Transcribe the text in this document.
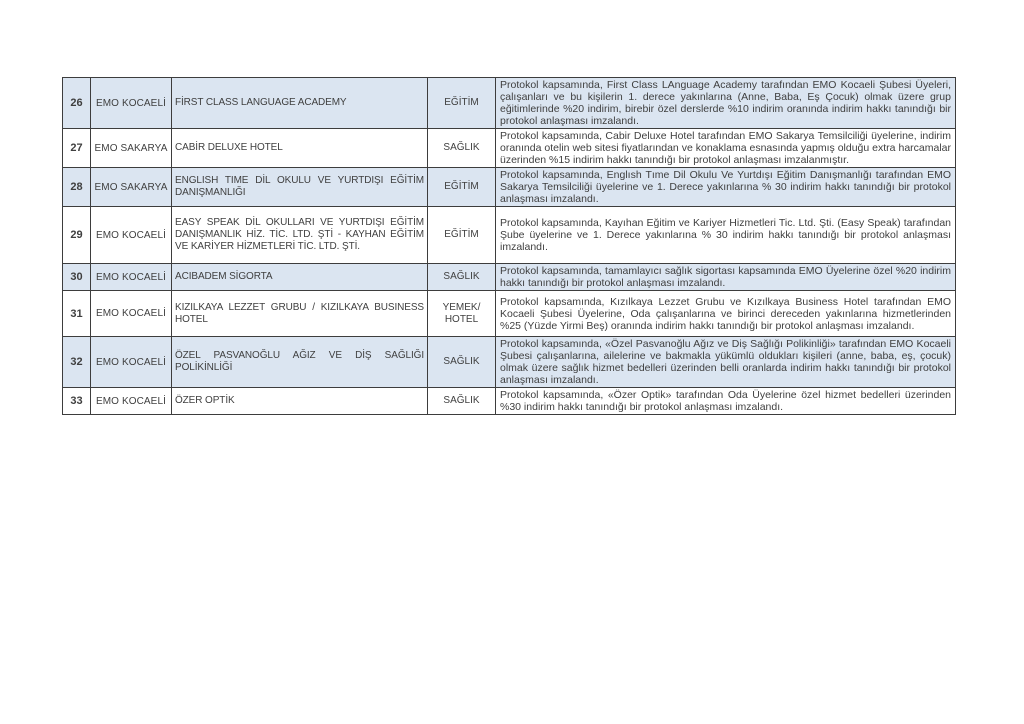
26	EMO KOCAELİ	FİRST CLASS LANGUAGE ACADEMY	EĞİTİM	Protokol kapsamında, First Class LAnguage Academy tarafından EMO Kocaeli Şubesi Üyeleri, çalışanları ve bu kişilerin 1. derece yakınlarına (Anne, Baba, Eş Çocuk) olmak üzere grup eğitimlerinde %20 indirim, birebir özel derslerde %10 indirim oranında indirim hakkı tanındığı bir protokol anlaşması imzalandı.
27	EMO SAKARYA	CABİR DELUXE HOTEL	SAĞLIK	Protokol kapsamında, Cabir Deluxe Hotel tarafından EMO Sakarya Temsilciliği üyelerine, indirim oranında otelin web sitesi fiyatlarından ve konaklama esnasında yapmış olduğu extra harcamalar üzerinden %15 indirim hakkı tanındığı bir protokol anlaşması imzalanmıştır.
28	EMO SAKARYA	ENGLISH TIME DİL OKULU VE YURTDIŞI EĞİTİM DANIŞMANLIĞI	EĞİTİM	Protokol kapsamında, Englısh Tıme Dil Okulu Ve Yurtdışı Eğitim Danışmanlığı tarafından EMO Sakarya Temsilciliği üyelerine ve 1. Derece yakınlarına % 30 indirim hakkı tanındığı bir protokol anlaşması imzalandı.
29	EMO KOCAELİ	EASY SPEAK DİL OKULLARI VE YURTDIŞI EĞİTİM DANIŞMANLIK HİZ. TİC. LTD. ŞTİ - KAYHAN EĞİTİM VE KARİYER HİZMETLERİ TİC. LTD. ŞTİ.	EĞİTİM	Protokol kapsamında, Kayıhan Eğitim ve Kariyer Hizmetleri Tic. Ltd. Şti. (Easy Speak) tarafından Şube üyelerine ve 1. Derece yakınlarına % 30 indirim hakkı tanındığı bir protokol anlaşması imzalandı.
30	EMO KOCAELİ	ACIBADEM SİGORTA	SAĞLIK	Protokol kapsamında, tamamlayıcı sağlık sigortası kapsamında EMO Üyelerine özel %20 indirim hakkı tanındığı bir protokol anlaşması imzalandı.
31	EMO KOCAELİ	KIZILKAYA LEZZET GRUBU / KIZILKAYA BUSINESS HOTEL	YEMEK/ HOTEL	Protokol kapsamında, Kızılkaya Lezzet Grubu ve Kızılkaya Business Hotel tarafından EMO Kocaeli Şubesi Üyelerine, Oda çalışanlarına ve birinci dereceden yakınlarına hizmetlerinden %25 (Yüzde Yirmi Beş) oranında indirim hakkı tanındığı bir protokol anlaşması imzalandı.
32	EMO KOCAELİ	ÖZEL PASVANOĞLU AĞIZ VE DİŞ SAĞLIĞI POLİKİNLİĞİ	SAĞLIK	Protokol kapsamında, «Özel Pasvanoğlu Ağız ve Diş Sağlığı Polikinliği» tarafından EMO Kocaeli Şubesi çalışanlarına, ailelerine ve bakmakla yükümlü oldukları kişileri (anne, baba, eş, çocuk) olmak üzere sağlık hizmet bedelleri üzerinden belli oranlarda indirim hakkı tanındığı bir protokol anlaşması imzalandı.
33	EMO KOCAELİ	ÖZER OPTİK	SAĞLIK	Protokol kapsamında, «Özer Optik» tarafından Oda Üyelerine özel hizmet bedelleri üzerinden %30 indirim hakkı tanındığı bir protokol anlaşması imzalandı.
